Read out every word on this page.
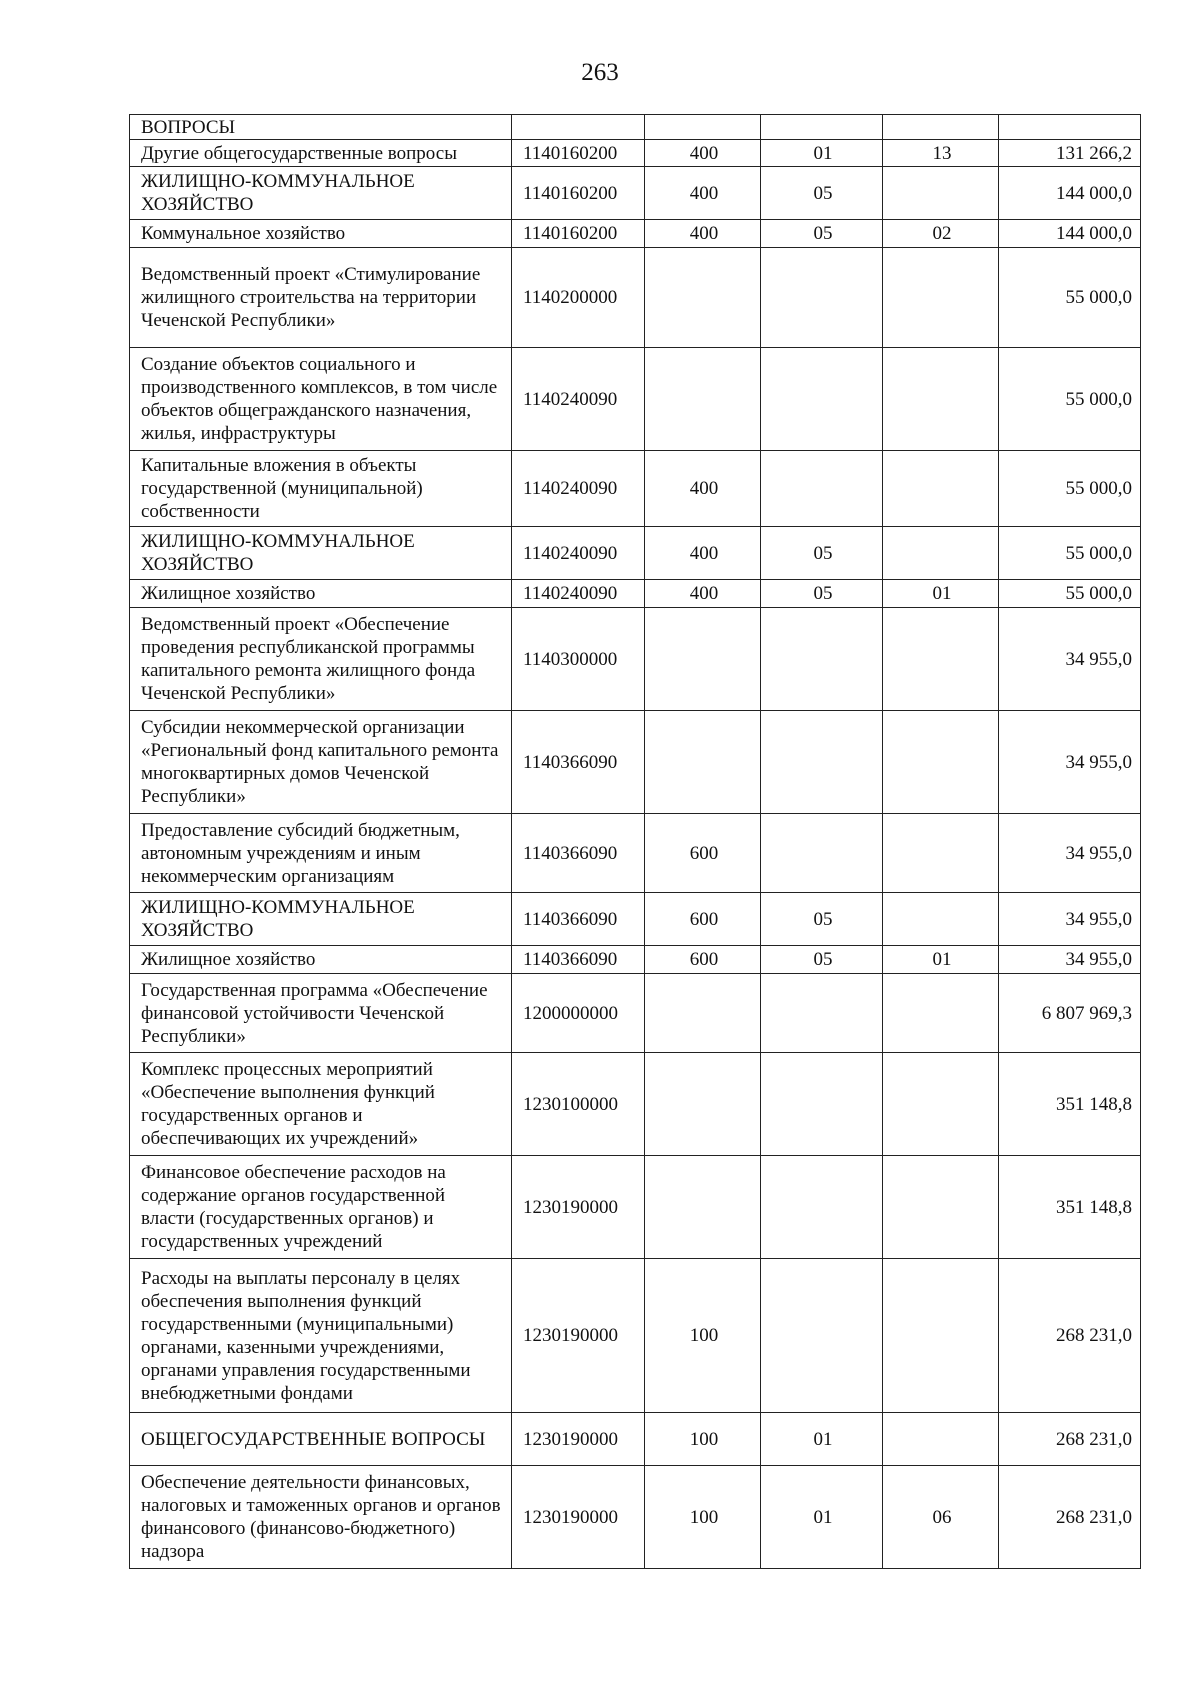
263
ВОПРОСЫ					
Другие общегосударственные вопросы	1140160200	400	01	13	131 266,2
ЖИЛИЩНО-КОММУНАЛЬНОЕ ХОЗЯЙСТВО	1140160200	400	05		144 000,0
Коммунальное хозяйство	1140160200	400	05	02	144 000,0
Ведомственный проект «Стимулирование жилищного строительства на территории Чеченской Республики»	1140200000				55 000,0
Создание объектов социального и производственного комплексов, в том числе объектов общегражданского назначения, жилья, инфраструктуры	1140240090				55 000,0
Капитальные вложения в объекты государственной (муниципальной) собственности	1140240090	400			55 000,0
ЖИЛИЩНО-КОММУНАЛЬНОЕ ХОЗЯЙСТВО	1140240090	400	05		55 000,0
Жилищное хозяйство	1140240090	400	05	01	55 000,0
Ведомственный проект «Обеспечение проведения республиканской программы капитального ремонта жилищного фонда Чеченской Республики»	1140300000				34 955,0
Субсидии некоммерческой организации «Региональный фонд капитального ремонта многоквартирных домов Чеченской Республики»	1140366090				34 955,0
Предоставление субсидий бюджетным, автономным учреждениям и иным некоммерческим организациям	1140366090	600			34 955,0
ЖИЛИЩНО-КОММУНАЛЬНОЕ ХОЗЯЙСТВО	1140366090	600	05		34 955,0
Жилищное хозяйство	1140366090	600	05	01	34 955,0
Государственная программа «Обеспечение финансовой устойчивости Чеченской Республики»	1200000000				6 807 969,3
Комплекс процессных мероприятий «Обеспечение выполнения функций государственных органов и обеспечивающих их учреждений»	1230100000				351 148,8
Финансовое обеспечение расходов на содержание органов государственной власти (государственных органов) и государственных учреждений	1230190000				351 148,8
Расходы на выплаты персоналу в целях обеспечения выполнения функций государственными (муниципальными) органами, казенными учреждениями, органами управления государственными внебюджетными фондами	1230190000	100			268 231,0
ОБЩЕГОСУДАРСТВЕННЫЕ ВОПРОСЫ	1230190000	100	01		268 231,0
Обеспечение деятельности финансовых, налоговых и таможенных органов и органов финансового (финансово-бюджетного) надзора	1230190000	100	01	06	268 231,0
